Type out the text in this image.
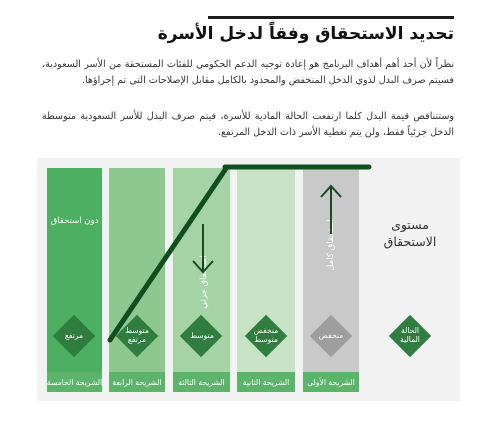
تحديد الاستحقاق وفقاً لدخل الأسرة
نظراً لأن أحد أهم أهداف البرنامج هو إعادة توجيه الدعم الحكومي للفئات المستحقة من الأسر السعودية، فسيتم صرف البدل لذوي الدخل المنخفض والمحدود بالكامل مقابل الإصلاحات التي تم إجراؤها.
وستتناقص قيمة البدل كلما ارتفعت الحالة المادية للأسرة، فيتم صرف البدل للأسر السعودية متوسطة الدخل جزئياً فقط، ولن يتم تغطية الأسر ذات الدخل المرتفع.
دون استحقاق
مرتفع
الشريحة الخامسة
متوسط
مرتفع
الشريحة الرابعة
استحقاق جزئي
متوسط
الشريحة الثالثة
منخفض
متوسط
الشريحة الثانية
استحقاق كامل
منخفض
الشريحة الأولى
مستوى
الاستحقاق
الحالة
المالية
